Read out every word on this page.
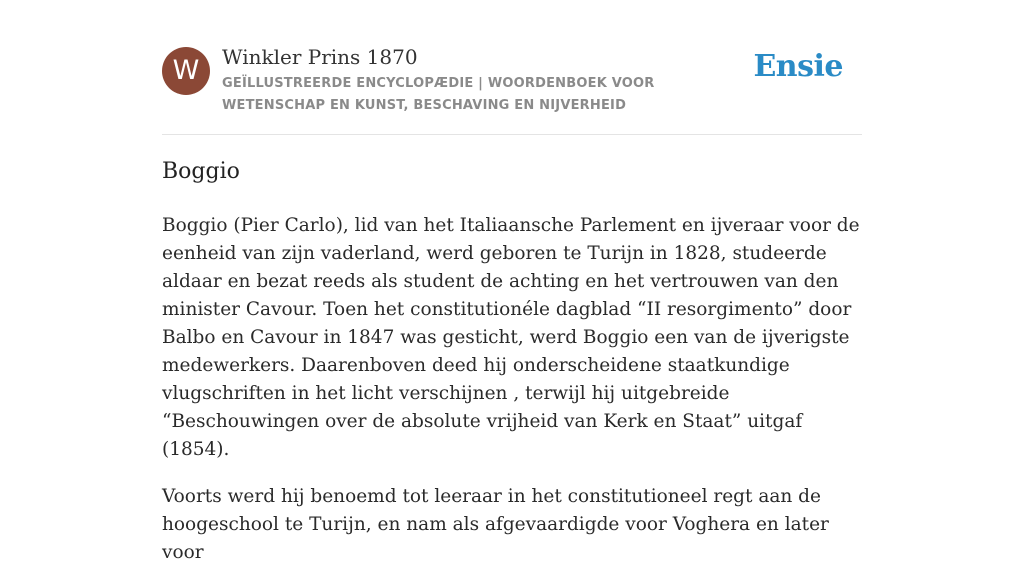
W	Winkler Prins 1870
GEÏLLUSTREERDE ENCYCLOPÆDIE | WOORDENBOEK VOOR WETENSCHAP EN KUNST, BESCHAVING EN NIJVERHEID
Ensie
Boggio

Boggio (Pier Carlo), lid van het Italiaansche Parlement en ijveraar voor de eenheid van zijn vaderland, werd geboren te Turijn in 1828, studeerde aldaar en bezat reeds als student de achting en het vertrouwen van den minister Cavour. Toen het constitutionéle dagblad “II resorgimento” door Balbo en Cavour in 1847 was gesticht, werd Boggio een van de ijverigste medewerkers. Daarenboven deed hij onderscheidene staatkundige vlugschriften in het licht verschijnen , terwijl hij uitgebreide “Beschouwingen over de absolute vrijheid van Kerk en Staat” uitgaf (1854).

Voorts werd hij benoemd tot leeraar in het constitutioneel regt aan de hoogeschool te Turijn, en nam als afgevaardigde voor Voghera en later voor
